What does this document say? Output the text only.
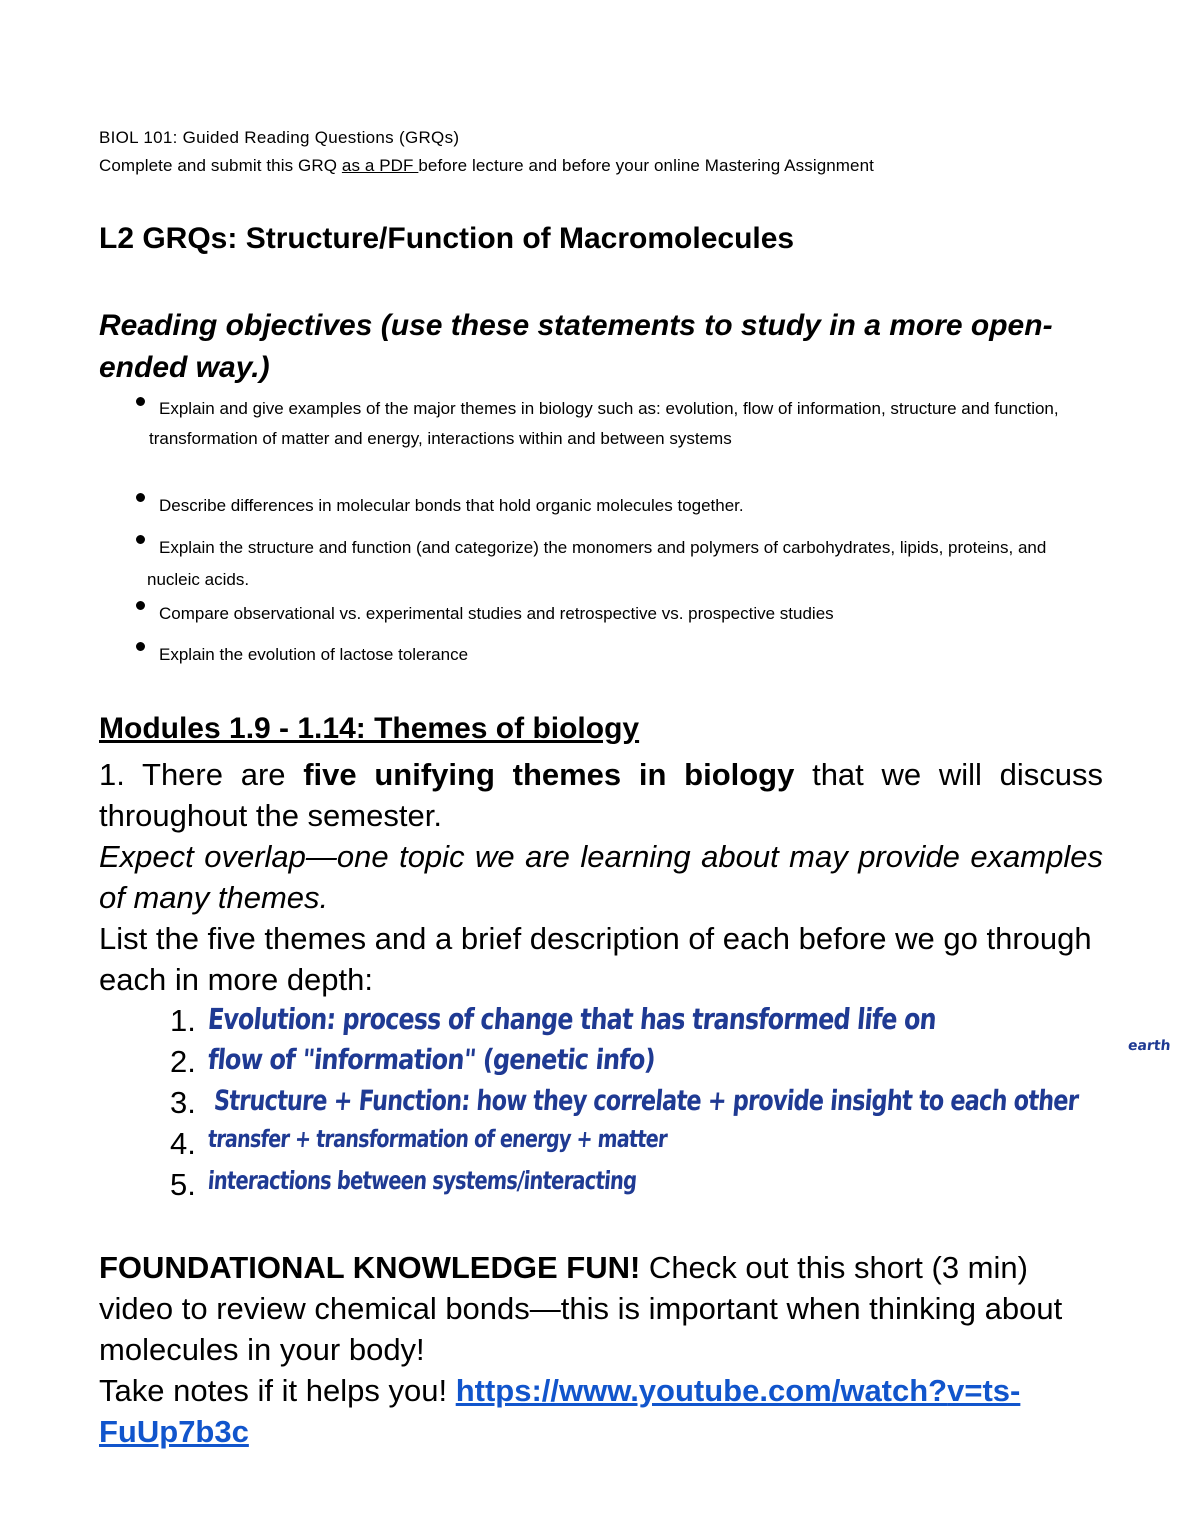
BIOL 101: Guided Reading Questions (GRQs)
Complete and submit this GRQ as a PDF before lecture and before your online Mastering Assignment
L2 GRQs: Structure/Function of Macromolecules
Reading objectives (use these statements to study in a more open-ended way.)
Explain and give examples of the major themes in biology such as: evolution, flow of information, structure and function, transformation of matter and energy, interactions within and between systems
Describe differences in molecular bonds that hold organic molecules together.
Explain the structure and function (and categorize) the monomers and polymers of carbohydrates, lipids, proteins, and nucleic acids.
Compare observational vs. experimental studies and retrospective vs. prospective studies
Explain the evolution of lactose tolerance
Modules 1.9 - 1.14: Themes of biology
1. There are five unifying themes in biology that we will discuss throughout the semester.
Expect overlap—one topic we are learning about may provide examples of many themes.
List the five themes and a brief description of each before we go through each in more depth:
1. Evolution: process of change that has transformed life on
earth
2. flow of "information" (genetic info)
3. Structure + Function: how they correlate + provide insight to each other
4. transfer + transformation of energy + matter
5. interactions between systems/interacting
FOUNDATIONAL KNOWLEDGE FUN! Check out this short (3 min) video to review chemical bonds—this is important when thinking about molecules in your body!
Take notes if it helps you! https://www.youtube.com/watch?v=ts-FuUp7b3c
